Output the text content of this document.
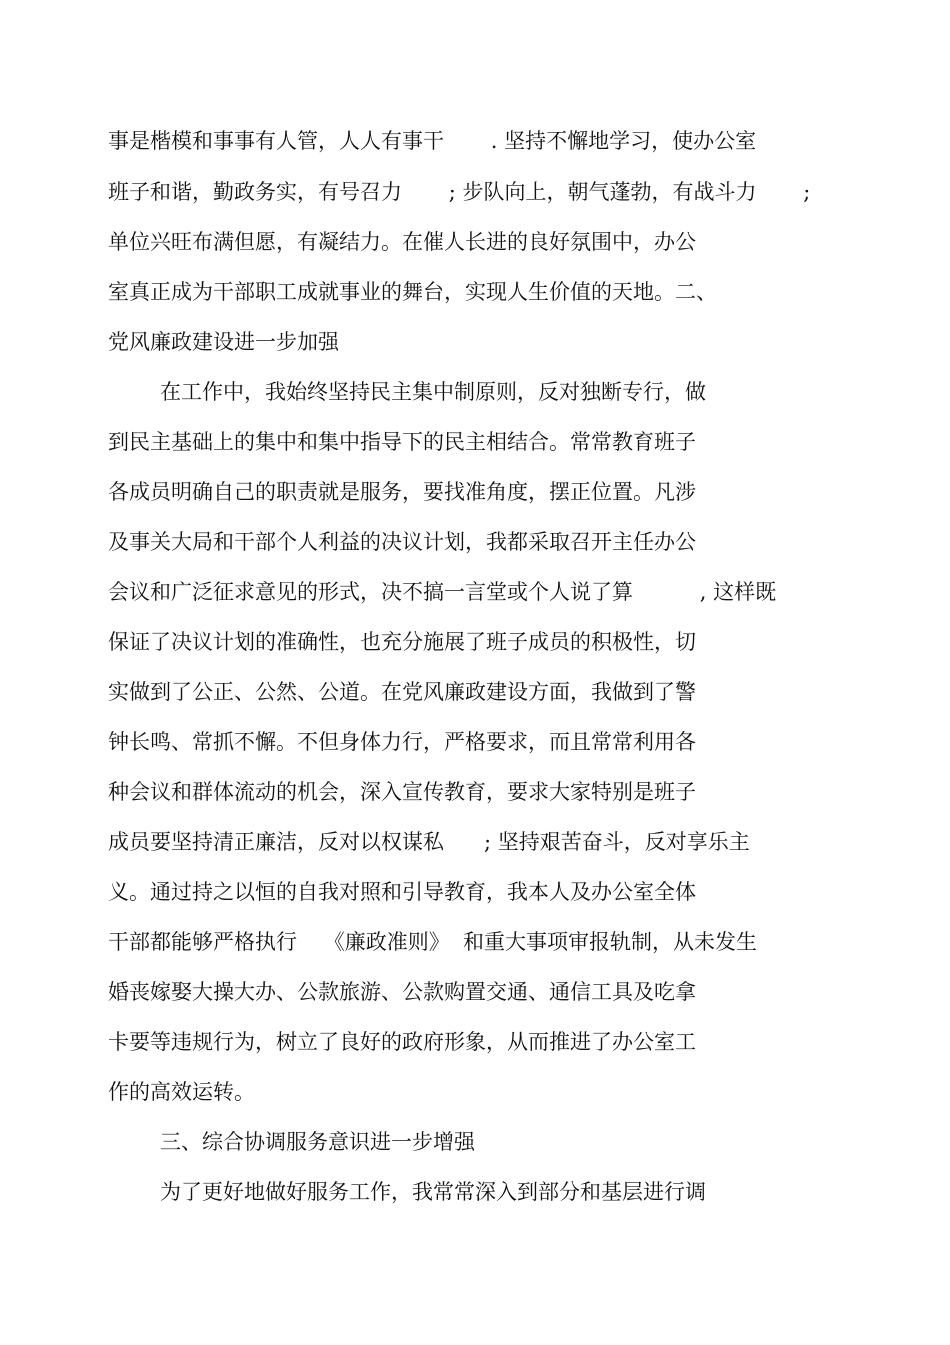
事是楷模和事事有人管，人人有事干       . 坚持不懈地学习，使办公室

班子和谐，勤政务实，有号召力       ; 步队向上，朝气蓬勃，有战斗力       ;

单位兴旺布满但愿，有凝结力。在催人长进的良好氛围中，办公

室真正成为干部职工成就事业的舞台，实现人生价值的天地。二、

党风廉政建设进一步加强

在工作中，我始终坚持民主集中制原则，反对独断专行，做

到民主基础上的集中和集中指导下的民主相结合。常常教育班子

各成员明确自己的职责就是服务，要找准角度，摆正位置。凡涉

及事关大局和干部个人利益的决议计划，我都采取召开主任办公

会议和广泛征求意见的形式，决不搞一言堂或个人说了算          , 这样既

保证了决议计划的准确性，也充分施展了班子成员的积极性，切

实做到了公正、公然、公道。在党风廉政建设方面，我做到了警

钟长鸣、常抓不懈。不但身体力行，严格要求，而且常常利用各

种会议和群体流动的机会，深入宣传教育，要求大家特别是班子

成员要坚持清正廉洁，反对以权谋私      ; 坚持艰苦奋斗，反对享乐主

义。通过持之以恒的自我对照和引导教育，我本人及办公室全体

干部都能够严格执行    《廉政准则》  和重大事项审报轨制，从未发生

婚丧嫁娶大操大办、公款旅游、公款购置交通、通信工具及吃拿

卡要等违规行为，树立了良好的政府形象，从而推进了办公室工

作的高效运转。

三、综合协调服务意识进一步增强

为了更好地做好服务工作，我常常深入到部分和基层进行调
